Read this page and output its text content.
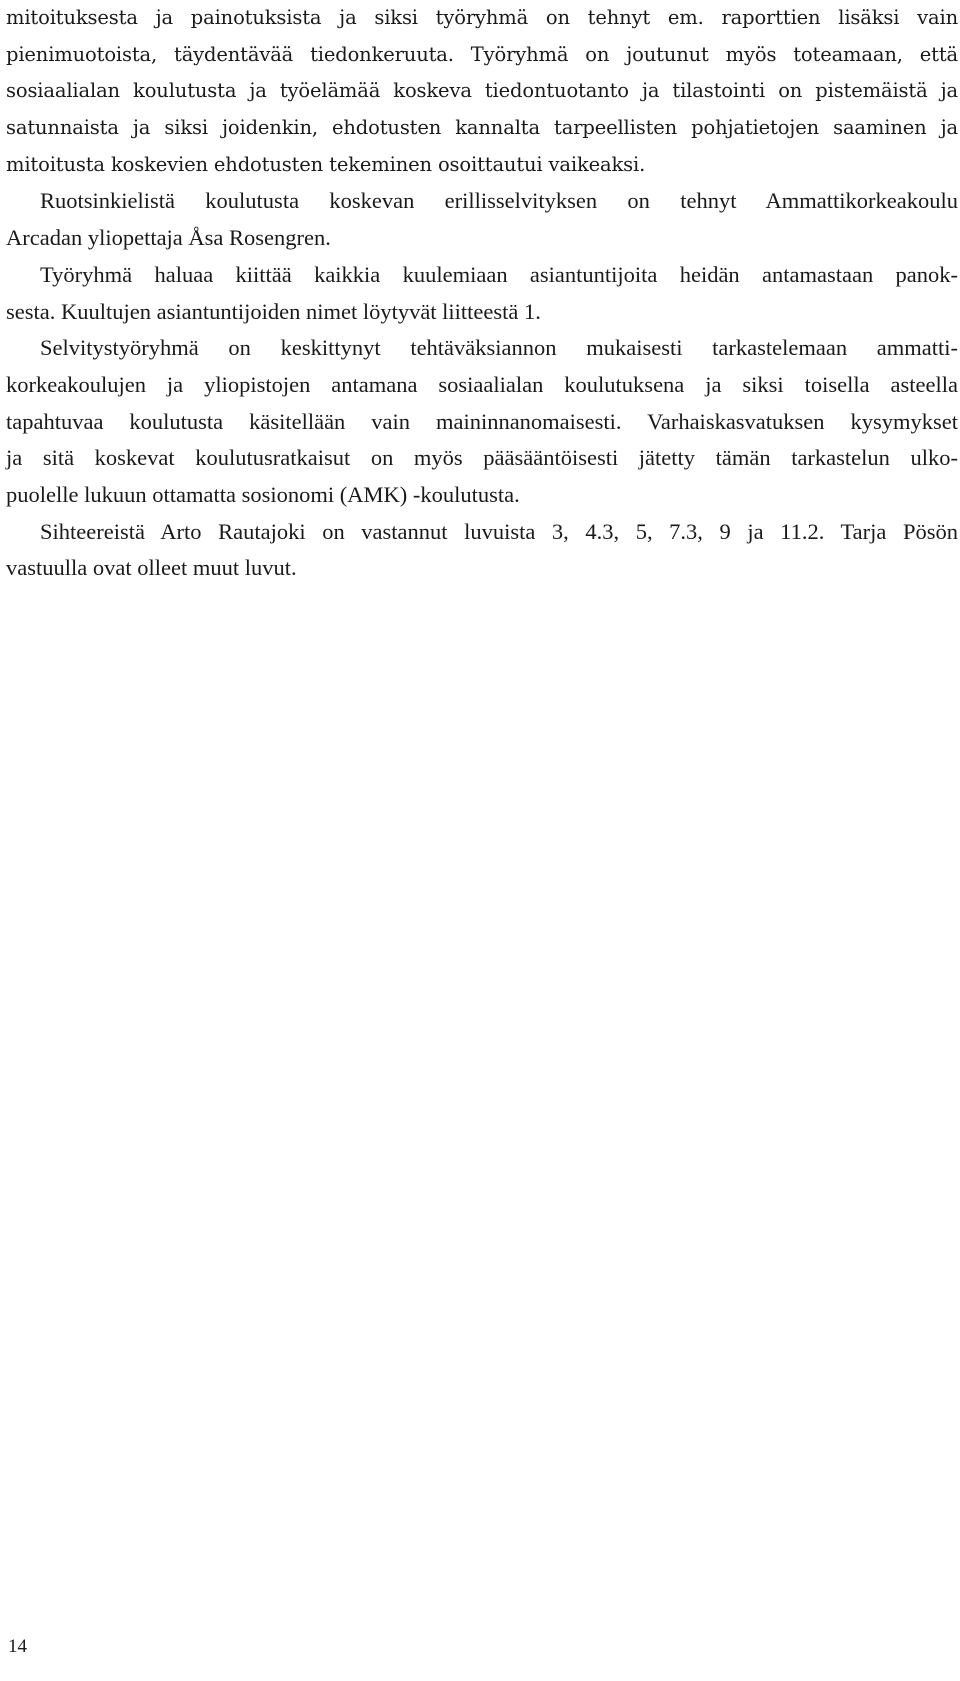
mitoituksesta ja painotuksista ja siksi työryhmä on tehnyt em. raporttien lisäksi vain
pienimuotoista, täydentävää tiedonkeruuta. Työryhmä on joutunut myös toteamaan, että
sosiaalialan koulutusta ja työelämää koskeva tiedontuotanto ja tilastointi on pistemäistä ja
satunnaista ja siksi joidenkin, ehdotusten kannalta tarpeellisten pohjatietojen saaminen ja
mitoitusta koskevien ehdotusten tekeminen osoittautui vaikeaksi.
Ruotsinkielistä koulutusta koskevan erillisselvityksen on tehnyt Ammattikorkeakoulu
Arcadan yliopettaja Åsa Rosengren.
Työryhmä haluaa kiittää kaikkia kuulemiaan asiantuntijoita heidän antamastaan panok-
sesta. Kuultujen asiantuntijoiden nimet löytyvät liitteestä 1.
Selvitystyöryhmä on keskittynyt tehtäväksiannon mukaisesti tarkastelemaan ammatti-
korkeakoulujen ja yliopistojen antamana sosiaalialan koulutuksena ja siksi toisella asteella
tapahtuvaa koulutusta käsitellään vain maininnanomaisesti. Varhaiskasvatuksen kysymykset
ja sitä koskevat koulutusratkaisut on myös pääsääntöisesti jätetty tämän tarkastelun ulko-
puolelle lukuun ottamatta sosionomi (AMK) -koulutusta.
Sihteereistä Arto Rautajoki on vastannut luvuista 3, 4.3, 5, 7.3, 9 ja 11.2. Tarja Pösön
vastuulla ovat olleet muut luvut.
14
